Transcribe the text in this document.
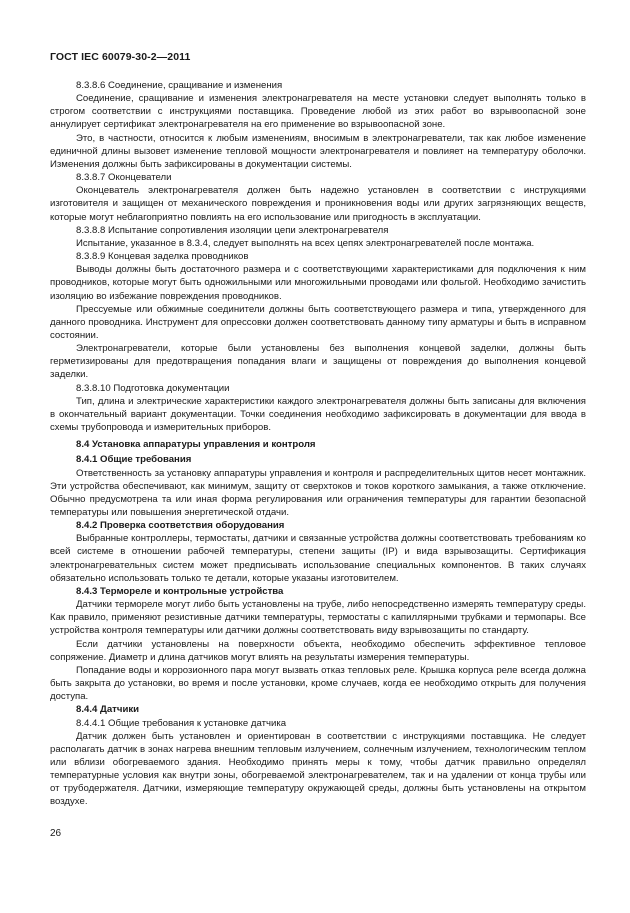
ГОСТ IEC 60079-30-2—2011

8.3.8.6 Соединение, сращивание и изменения

Соединение, сращивание и изменения электронагревателя на месте установки следует выполнять только в строгом соответствии с инструкциями поставщика. Проведение любой из этих работ во взрывоопасной зоне аннулирует сертификат электронагревателя на его применение во взрывоопасной зоне.

Это, в частности, относится к любым изменениям, вносимым в электронагреватели, так как любое изменение единичной длины вызовет изменение тепловой мощности электронагревателя и повлияет на температуру оболочки. Изменения должны быть зафиксированы в документации системы.

8.3.8.7 Оконцеватели

Оконцеватель электронагревателя должен быть надежно установлен в соответствии с инструкциями изготовителя и защищен от механического повреждения и проникновения воды или других загрязняющих веществ, которые могут неблагоприятно повлиять на его использование или пригодность в эксплуатации.

8.3.8.8 Испытание сопротивления изоляции цепи электронагревателя

Испытание, указанное в 8.3.4, следует выполнять на всех цепях электронагревателей после монтажа.

8.3.8.9 Концевая заделка проводников

Выводы должны быть достаточного размера и с соответствующими характеристиками для подключения к ним проводников, которые могут быть одножильными или многожильными проводами или фольгой. Необходимо зачистить изоляцию во избежание повреждения проводников.

Прессуемые или обжимные соединители должны быть соответствующего размера и типа, утвержденного для данного проводника. Инструмент для опрессовки должен соответствовать данному типу арматуры и быть в исправном состоянии.

Электронагреватели, которые были установлены без выполнения концевой заделки, должны быть герметизированы для предотвращения попадания влаги и защищены от повреждения до выполнения концевой заделки.

8.3.8.10 Подготовка документации

Тип, длина и электрические характеристики каждого электронагревателя должны быть записаны для включения в окончательный вариант документации. Точки соединения необходимо зафиксировать в документации для ввода в схемы трубопровода и измерительных приборов.

8.4 Установка аппаратуры управления и контроля

8.4.1 Общие требования

Ответственность за установку аппаратуры управления и контроля и распределительных щитов несет монтажник. Эти устройства обеспечивают, как минимум, защиту от сверхтоков и токов короткого замыкания, а также отключение. Обычно предусмотрена та или иная форма регулирования или ограничения температуры для гарантии безопасной температуры или повышения энергетической отдачи.

8.4.2 Проверка соответствия оборудования

Выбранные контроллеры, термостаты, датчики и связанные устройства должны соответствовать требованиям ко всей системе в отношении рабочей температуры, степени защиты (IP) и вида взрывозащиты. Сертификация электронагревательных систем может предписывать использование специальных компонентов. В таких случаях обязательно использовать только те детали, которые указаны изготовителем.

8.4.3 Термореле и контрольные устройства

Датчики термореле могут либо быть установлены на трубе, либо непосредственно измерять температуру среды. Как правило, применяют резистивные датчики температуры, термостаты с капиллярными трубками и термопары. Все устройства контроля температуры или датчики должны соответствовать виду взрывозащиты по стандарту.

Если датчики установлены на поверхности объекта, необходимо обеспечить эффективное тепловое сопряжение. Диаметр и длина датчиков могут влиять на результаты измерения температуры.

Попадание воды и коррозионного пара могут вызвать отказ тепловых реле. Крышка корпуса реле всегда должна быть закрыта до установки, во время и после установки, кроме случаев, когда ее необходимо открыть для получения доступа.

8.4.4 Датчики

8.4.4.1 Общие требования к установке датчика

Датчик должен быть установлен и ориентирован в соответствии с инструкциями поставщика. Не следует располагать датчик в зонах нагрева внешним тепловым излучением, солнечным излучением, технологическим теплом или вблизи обогреваемого здания. Необходимо принять меры к тому, чтобы датчик правильно определял температурные условия как внутри зоны, обогреваемой электронагревателем, так и на удалении от конца трубы или от трубодержателя. Датчики, измеряющие температуру окружающей среды, должны быть установлены на открытом воздухе.

26
